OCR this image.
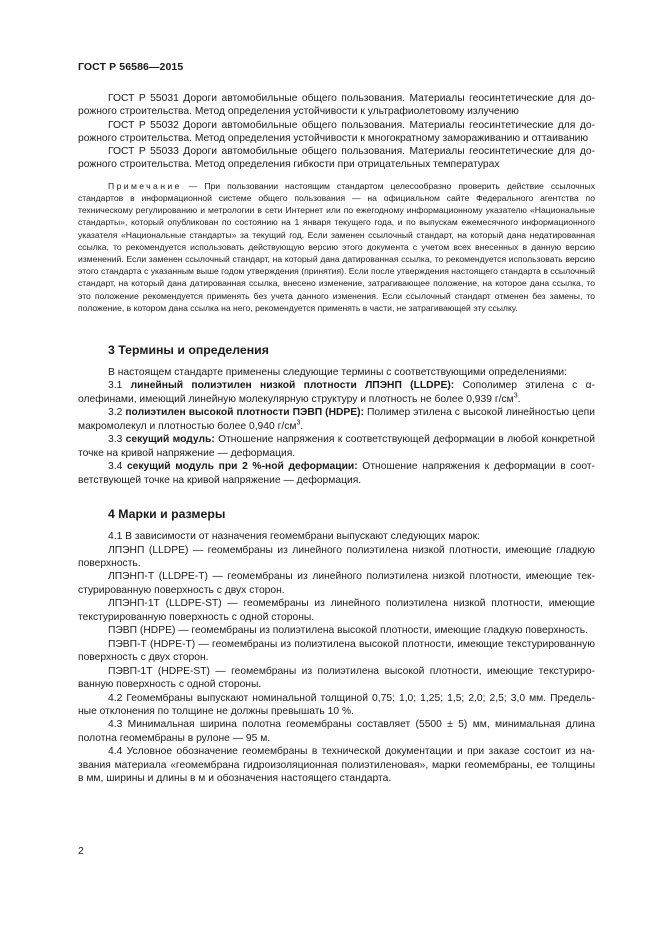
ГОСТ Р 56586—2015

ГОСТ Р 55031 Дороги автомобильные общего пользования. Материалы геосинтетические для дорожного строительства. Метод определения устойчивости к ультрафиолетовому излучению

ГОСТ Р 55032 Дороги автомобильные общего пользования. Материалы геосинтетические для дорожного строительства. Метод определения устойчивости к многократному замораживанию и оттаиванию

ГОСТ Р 55033 Дороги автомобильные общего пользования. Материалы геосинтетические для дорожного строительства. Метод определения гибкости при отрицательных температурах

Примечание — При пользовании настоящим стандартом целесообразно проверить действие ссылочных стандартов в информационной системе общего пользования — на официальном сайте Федерального агентства по техническому регулированию и метрологии в сети Интернет или по ежегодному информационному указателю «Национальные стандарты», который опубликован по состоянию на 1 января текущего года, и по выпускам ежемесячного информационного указателя «Национальные стандарты» за текущий год. Если заменен ссылочный стандарт, на который дана недатированная ссылка, то рекомендуется использовать действующую версию этого документа с учетом всех внесенных в данную версию изменений. Если заменен ссылочный стандарт, на который дана датированная ссылка, то рекомендуется использовать версию этого стандарта с указанным выше годом утверждения (принятия). Если после утверждения настоящего стандарта в ссылочный стандарт, на который дана датированная ссылка, внесено изменение, затрагивающее положение, на которое дана ссылка, то это положение рекомендуется применять без учета данного изменения. Если ссылочный стандарт отменен без замены, то положение, в котором дана ссылка на него, рекомендуется применять в части, не затрагивающей эту ссылку.

3 Термины и определения

В настоящем стандарте применены следующие термины с соответствующими определениями:

3.1 линейный полиэтилен низкой плотности ЛПЭНП (LLDPE): Сополимер этилена с α-олефинами, имеющий линейную молекулярную структуру и плотность не более 0,939 $г/см^3$.

3.2 полиэтилен высокой плотности ПЭВП (HDPE): Полимер этилена с высокой линейностью цепи макромолекул и плотностью более 0,940 $г/см^3$.

3.3 секущий модуль: Отношение напряжения к соответствующей деформации в любой конкретной точке на кривой напряжение — деформация.

3.4 секущий модуль при 2 %-ной деформации: Отношение напряжения к деформации в соответствующей точке на кривой напряжение — деформация.

4 Марки и размеры

4.1 В зависимости от назначения геомембрани выпускают следующих марок:

ЛПЭНП (LLDPE) — геомембраны из линейного полиэтилена низкой плотности, имеющие гладкую поверхность.

ЛПЭНП-Т (LLDPE-T) — геомембраны из линейного полиэтилена низкой плотности, имеющие текстурированную поверхность с двух сторон.

ЛПЭНП-1Т (LLDPE-ST) — геомембраны из линейного полиэтилена низкой плотности, имеющие текстурированную поверхность с одной стороны.

ПЭВП (HDPE) — геомембраны из полиэтилена высокой плотности, имеющие гладкую поверхность.

ПЭВП-Т (HDPE-T) — геомембраны из полиэтилена высокой плотности, имеющие текстурированную поверхность с двух сторон.

ПЭВП-1Т (HDPE-ST) — геомембраны из полиэтилена высокой плотности, имеющие текстурированную поверхность с одной стороны.

4.2 Геомембраны выпускают номинальной толщиной 0,75; 1,0; 1,25; 1,5; 2,0; 2,5; 3,0 мм. Предельные отклонения по толщине не должны превышать 10 %.

4.3 Минимальная ширина полотна геомембраны составляет (5500 ± 5) мм, минимальная длина полотна геомембраны в рулоне — 95 м.

4.4 Условное обозначение геомембраны в технической документации и при заказе состоит из названия материала «геомембрана гидроизоляционная полиэтиленовая», марки геомембраны, ее толщины в мм, ширины и длины в м и обозначения настоящего стандарта.

2
